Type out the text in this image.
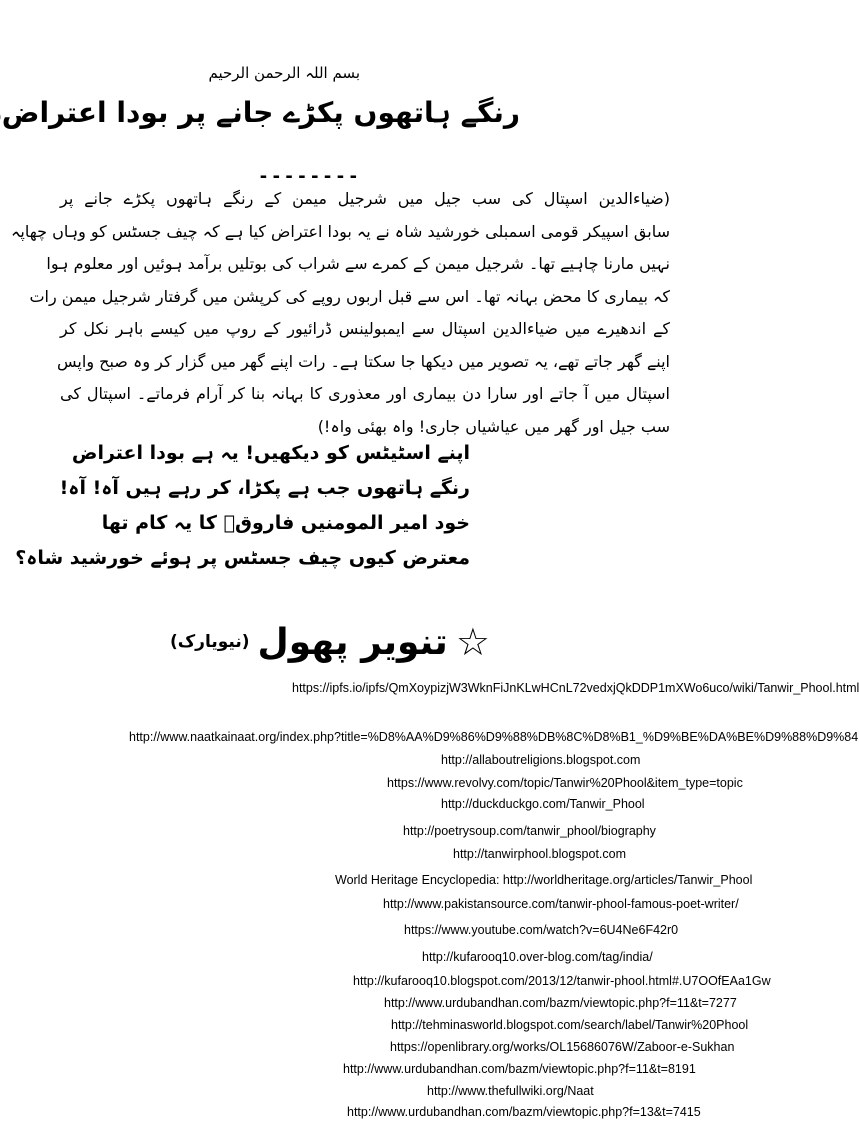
بسم اللہ الرحمن الرحیم
رنگے ہاتھوں پکڑے جانے پر بودا اعتراض
--------
(ضیاءالدین اسپتال کی سب جیل میں شرجیل میمن کے رنگے ہاتھوں پکڑے جانے پر
سابق اسپیکر قومی اسمبلی خورشید شاہ نے یہ بودا اعتراض کیا ہے کہ چیف جسٹس کو وہاں چھاپہ
نہیں مارنا چاہیے تھا۔ شرجیل میمن کے کمرے سے شراب کی بوتلیں برآمد ہوئیں اور معلوم ہوا
کہ بیماری کا محض بہانہ تھا۔ اس سے قبل اربوں روپے کی کرپشن میں گرفتار شرجیل میمن رات
کے اندھیرے میں ضیاءالدین اسپتال سے ایمبولینس ڈرائیور کے روپ میں کیسے باہر نکل کر
اپنے گھر جاتے تھے، یہ تصویر میں دیکھا جا سکتا ہے۔ رات اپنے گھر میں گزار کر وہ صبح واپس
اسپتال میں آ جاتے اور سارا دن بیماری اور معذوری کا بہانہ بنا کر آرام فرماتے۔ اسپتال کی
سب جیل اور گھر میں عیاشیاں جاری! واہ بھئی واہ!)
اپنے اسٹیٹس کو دیکھیں! یہ ہے بودا اعتراض
رنگے ہاتھوں جب ہے پکڑا، کر رہے ہیں آہ! آہ!
خود امیر المومنیں فاروقؓ کا یہ کام تھا
معترض کیوں چیف جسٹس پر ہوئے خورشید شاہ؟
☆
تنویر پھول
(نیویارک)
https://ipfs.io/ipfs/QmXoypizjW3WknFiJnKLwHCnL72vedxjQkDDP1mXWo6uco/wiki/Tanwir_Phool.html
http://www.naatkainaat.org/index.php?title=%D8%AA%D9%86%D9%88%DB%8C%D8%B1_%D9%BE%DA%BE%D9%88%D9%84
http://allaboutreligions.blogspot.com
https://www.revolvy.com/topic/Tanwir%20Phool&item_type=topic
http://duckduckgo.com/Tanwir_Phool
http://poetrysoup.com/tanwir_phool/biography
http://tanwirphool.blogspot.com
World Heritage Encyclopedia: http://worldheritage.org/articles/Tanwir_Phool
http://www.pakistansource.com/tanwir-phool-famous-poet-writer/
https://www.youtube.com/watch?v=6U4Ne6F42r0
http://kufarooq10.over-blog.com/tag/india/
http://kufarooq10.blogspot.com/2013/12/tanwir-phool.html#.U7OOfEAa1Gw
http://www.urdubandhan.com/bazm/viewtopic.php?f=11&t=7277
http://tehminasworld.blogspot.com/search/label/Tanwir%20Phool
https://openlibrary.org/works/OL15686076W/Zaboor-e-Sukhan
http://www.urdubandhan.com/bazm/viewtopic.php?f=11&t=8191
http://www.thefullwiki.org/Naat
http://www.urdubandhan.com/bazm/viewtopic.php?f=13&t=7415
